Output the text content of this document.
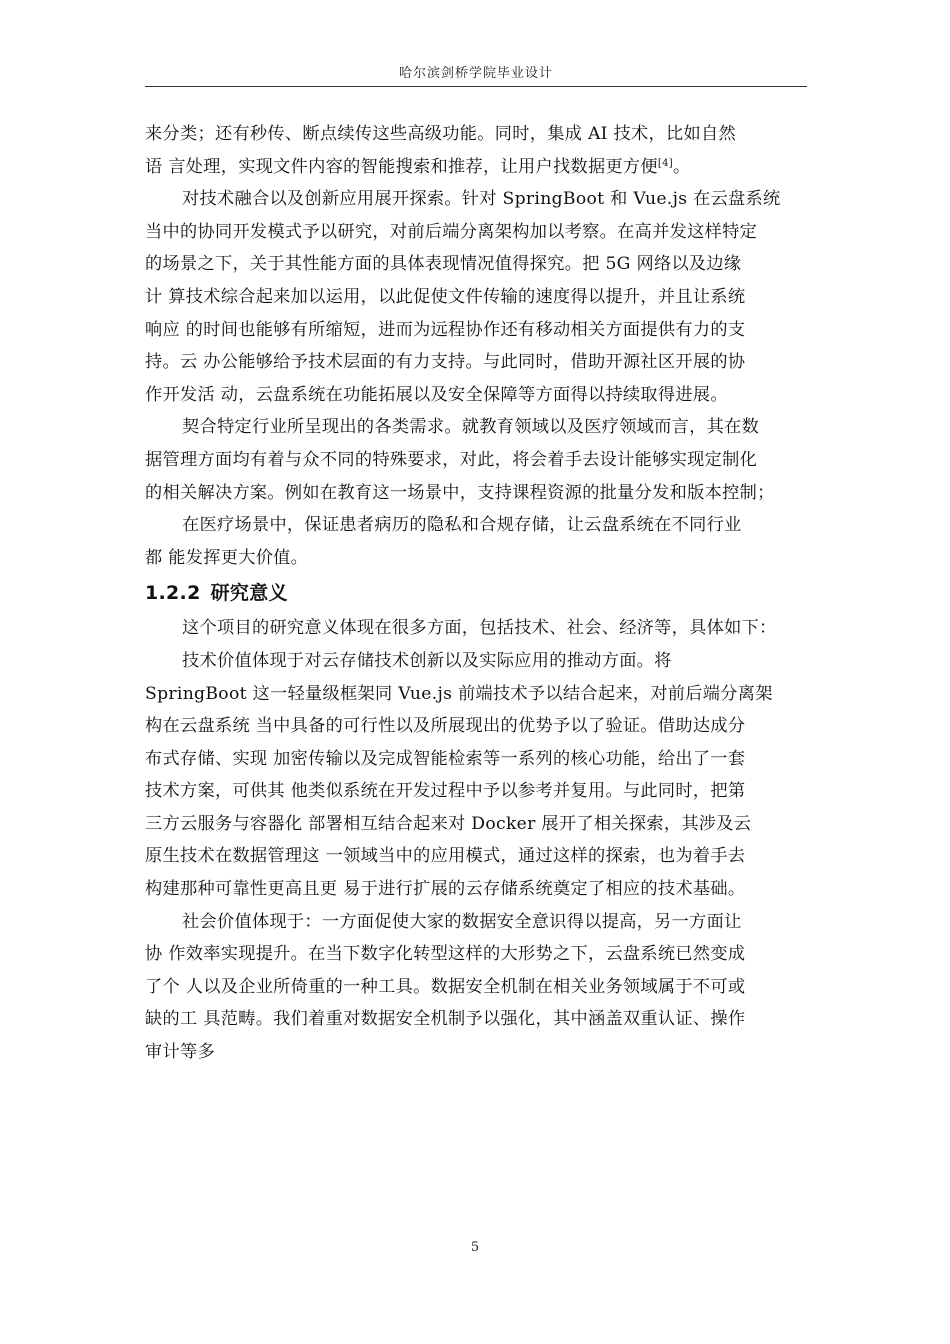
哈尔滨剑桥学院毕业设计
来分类；还有秒传、断点续传这些高级功能。同时，集成 AI 技术，比如自然
语 言处理，实现文件内容的智能搜索和推荐，让用户找数据更方便[4]。
对技术融合以及创新应用展开探索。针对 SpringBoot 和 Vue.js 在云盘系统
当中的协同开发模式予以研究，对前后端分离架构加以考察。在高并发这样特定
的场景之下，关于其性能方面的具体表现情况值得探究。把 5G 网络以及边缘
计 算技术综合起来加以运用，以此促使文件传输的速度得以提升，并且让系统
响应 的时间也能够有所缩短，进而为远程协作还有移动相关方面提供有力的支
持。云 办公能够给予技术层面的有力支持。与此同时，借助开源社区开展的协
作开发活 动，云盘系统在功能拓展以及安全保障等方面得以持续取得进展。
契合特定行业所呈现出的各类需求。就教育领域以及医疗领域而言，其在数
据管理方面均有着与众不同的特殊要求，对此，将会着手去设计能够实现定制化
的相关解决方案。例如在教育这一场景中，支持课程资源的批量分发和版本控制；
在医疗场景中，保证患者病历的隐私和合规存储，让云盘系统在不同行业
都 能发挥更大价值。
1.2.2 研究意义
这个项目的研究意义体现在很多方面，包括技术、社会、经济等，具体如下：
技术价值体现于对云存储技术创新以及实际应用的推动方面。将
SpringBoot 这一轻量级框架同 Vue.js 前端技术予以结合起来，对前后端分离架
构在云盘系统 当中具备的可行性以及所展现出的优势予以了验证。借助达成分
布式存储、实现 加密传输以及完成智能检索等一系列的核心功能，给出了一套
技术方案，可供其 他类似系统在开发过程中予以参考并复用。与此同时，把第
三方云服务与容器化 部署相互结合起来对 Docker 展开了相关探索，其涉及云
原生技术在数据管理这 一领域当中的应用模式，通过这样的探索，也为着手去
构建那种可靠性更高且更 易于进行扩展的云存储系统奠定了相应的技术基础。
社会价值体现于：一方面促使大家的数据安全意识得以提高，另一方面让
协 作效率实现提升。在当下数字化转型这样的大形势之下，云盘系统已然变成
了个 人以及企业所倚重的一种工具。数据安全机制在相关业务领域属于不可或
缺的工 具范畴。我们着重对数据安全机制予以强化，其中涵盖双重认证、操作
审计等多
5
